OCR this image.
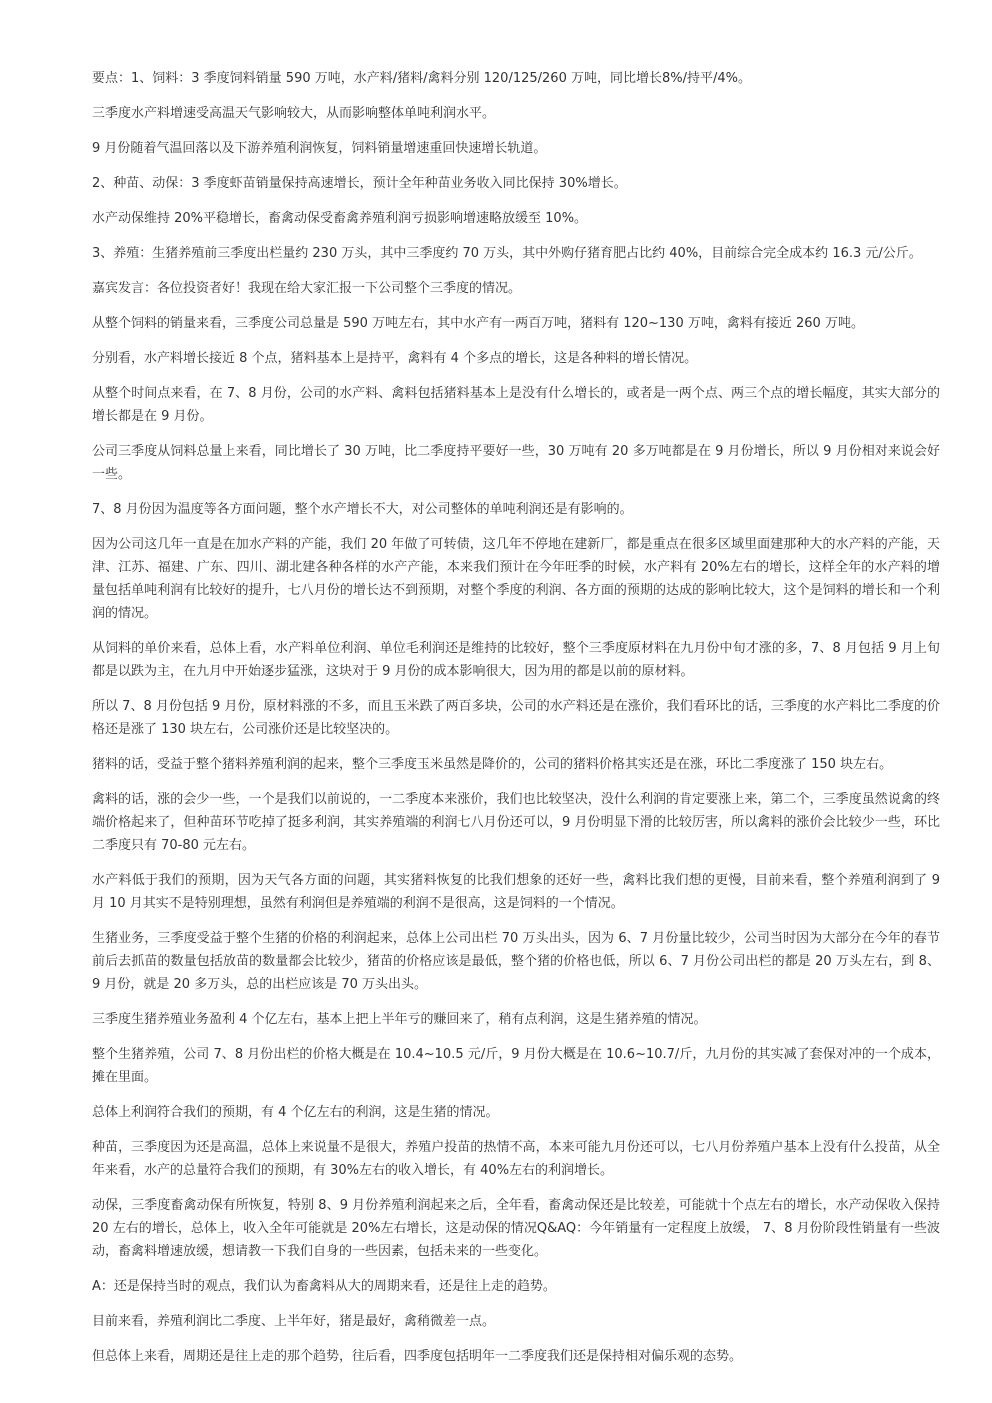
要点：1、饲料：3 季度饲料销量 590 万吨，水产料/猪料/禽料分别 120/125/260 万吨，同比增长8%/持平/4%。

三季度水产料增速受高温天气影响较大，从而影响整体单吨利润水平。

9 月份随着气温回落以及下游养殖利润恢复，饲料销量增速重回快速增长轨道。

2、种苗、动保：3 季度虾苗销量保持高速增长，预计全年种苗业务收入同比保持 30%增长。

水产动保维持 20%平稳增长，畜禽动保受畜禽养殖利润亏损影响增速略放缓至 10%。

3、养殖：生猪养殖前三季度出栏量约 230 万头，其中三季度约 70 万头，其中外购仔猪育肥占比约 40%，目前综合完全成本约 16.3 元/公斤。

嘉宾发言：各位投资者好！我现在给大家汇报一下公司整个三季度的情况。

从整个饲料的销量来看，三季度公司总量是 590 万吨左右，其中水产有一两百万吨，猪料有 120~130 万吨，禽料有接近 260 万吨。

分别看，水产料增长接近 8 个点，猪料基本上是持平，禽料有 4 个多点的增长，这是各种料的增长情况。

从整个时间点来看，在 7、8 月份，公司的水产料、禽料包括猪料基本上是没有什么增长的，或者是一两个点、两三个点的增长幅度，其实大部分的增长都是在 9 月份。

公司三季度从饲料总量上来看，同比增长了 30 万吨，比二季度持平要好一些，30 万吨有 20 多万吨都是在 9 月份增长，所以 9 月份相对来说会好一些。

7、8 月份因为温度等各方面问题，整个水产增长不大，对公司整体的单吨利润还是有影响的。

因为公司这几年一直是在加水产料的产能，我们 20 年做了可转债，这几年不停地在建新厂，都是重点在很多区域里面建那种大的水产料的产能，天津、江苏、福建、广东、四川、湖北建各种各样的水产产能，本来我们预计在今年旺季的时候，水产料有 20%左右的增长，这样全年的水产料的增量包括单吨利润有比较好的提升，七八月份的增长达不到预期，对整个季度的利润、各方面的预期的达成的影响比较大，这个是饲料的增长和一个利润的情况。

从饲料的单价来看，总体上看，水产料单位利润、单位毛利润还是维持的比较好，整个三季度原材料在九月份中旬才涨的多，7、8 月包括 9 月上旬都是以跌为主，在九月中开始逐步猛涨，这块对于 9 月份的成本影响很大，因为用的都是以前的原材料。

所以 7、8 月份包括 9 月份，原材料涨的不多，而且玉米跌了两百多块，公司的水产料还是在涨价，我们看环比的话，三季度的水产料比二季度的价格还是涨了 130 块左右，公司涨价还是比较坚决的。

猪料的话，受益于整个猪料养殖利润的起来，整个三季度玉米虽然是降价的，公司的猪料价格其实还是在涨，环比二季度涨了 150 块左右。

禽料的话，涨的会少一些，一个是我们以前说的，一二季度本来涨价，我们也比较坚决，没什么利润的肯定要涨上来，第二个，三季度虽然说禽的终端价格起来了，但种苗环节吃掉了挺多利润，其实养殖端的利润七八月份还可以，9 月份明显下滑的比较厉害，所以禽料的涨价会比较少一些，环比二季度只有 70-80 元左右。

水产料低于我们的预期，因为天气各方面的问题，其实猪料恢复的比我们想象的还好一些，禽料比我们想的更慢，目前来看，整个养殖利润到了 9 月 10 月其实不是特别理想，虽然有利润但是养殖端的利润不是很高，这是饲料的一个情况。

生猪业务，三季度受益于整个生猪的价格的利润起来，总体上公司出栏 70 万头出头，因为 6、7 月份量比较少，公司当时因为大部分在今年的春节前后去抓苗的数量包括放苗的数量都会比较少，猪苗的价格应该是最低，整个猪的价格也低，所以 6、7 月份公司出栏的都是 20 万头左右，到 8、9 月份，就是 20 多万头，总的出栏应该是 70 万头出头。

三季度生猪养殖业务盈利 4 个亿左右，基本上把上半年亏的赚回来了，稍有点利润，这是生猪养殖的情况。

整个生猪养殖，公司 7、8 月份出栏的价格大概是在 10.4~10.5 元/斤，9 月份大概是在 10.6~10.7/斤，九月份的其实减了套保对冲的一个成本，摊在里面。

总体上利润符合我们的预期，有 4 个亿左右的利润，这是生猪的情况。

种苗，三季度因为还是高温，总体上来说量不是很大，养殖户投苗的热情不高，本来可能九月份还可以，七八月份养殖户基本上没有什么投苗，从全年来看，水产的总量符合我们的预期，有 30%左右的收入增长，有 40%左右的利润增长。

动保，三季度畜禽动保有所恢复，特别 8、9 月份养殖利润起来之后，全年看，畜禽动保还是比较差，可能就十个点左右的增长，水产动保收入保持 20 左右的增长，总体上，收入全年可能就是 20%左右增长，这是动保的情况Q&AQ：今年销量有一定程度上放缓， 7、8 月份阶段性销量有一些波动，畜禽料增速放缓，想请教一下我们自身的一些因素，包括未来的一些变化。

A：还是保持当时的观点，我们认为畜禽料从大的周期来看，还是往上走的趋势。

目前来看，养殖利润比二季度、上半年好，猪是最好，禽稍微差一点。

但总体上来看，周期还是往上走的那个趋势，往后看，四季度包括明年一二季度我们还是保持相对偏乐观的态势。
